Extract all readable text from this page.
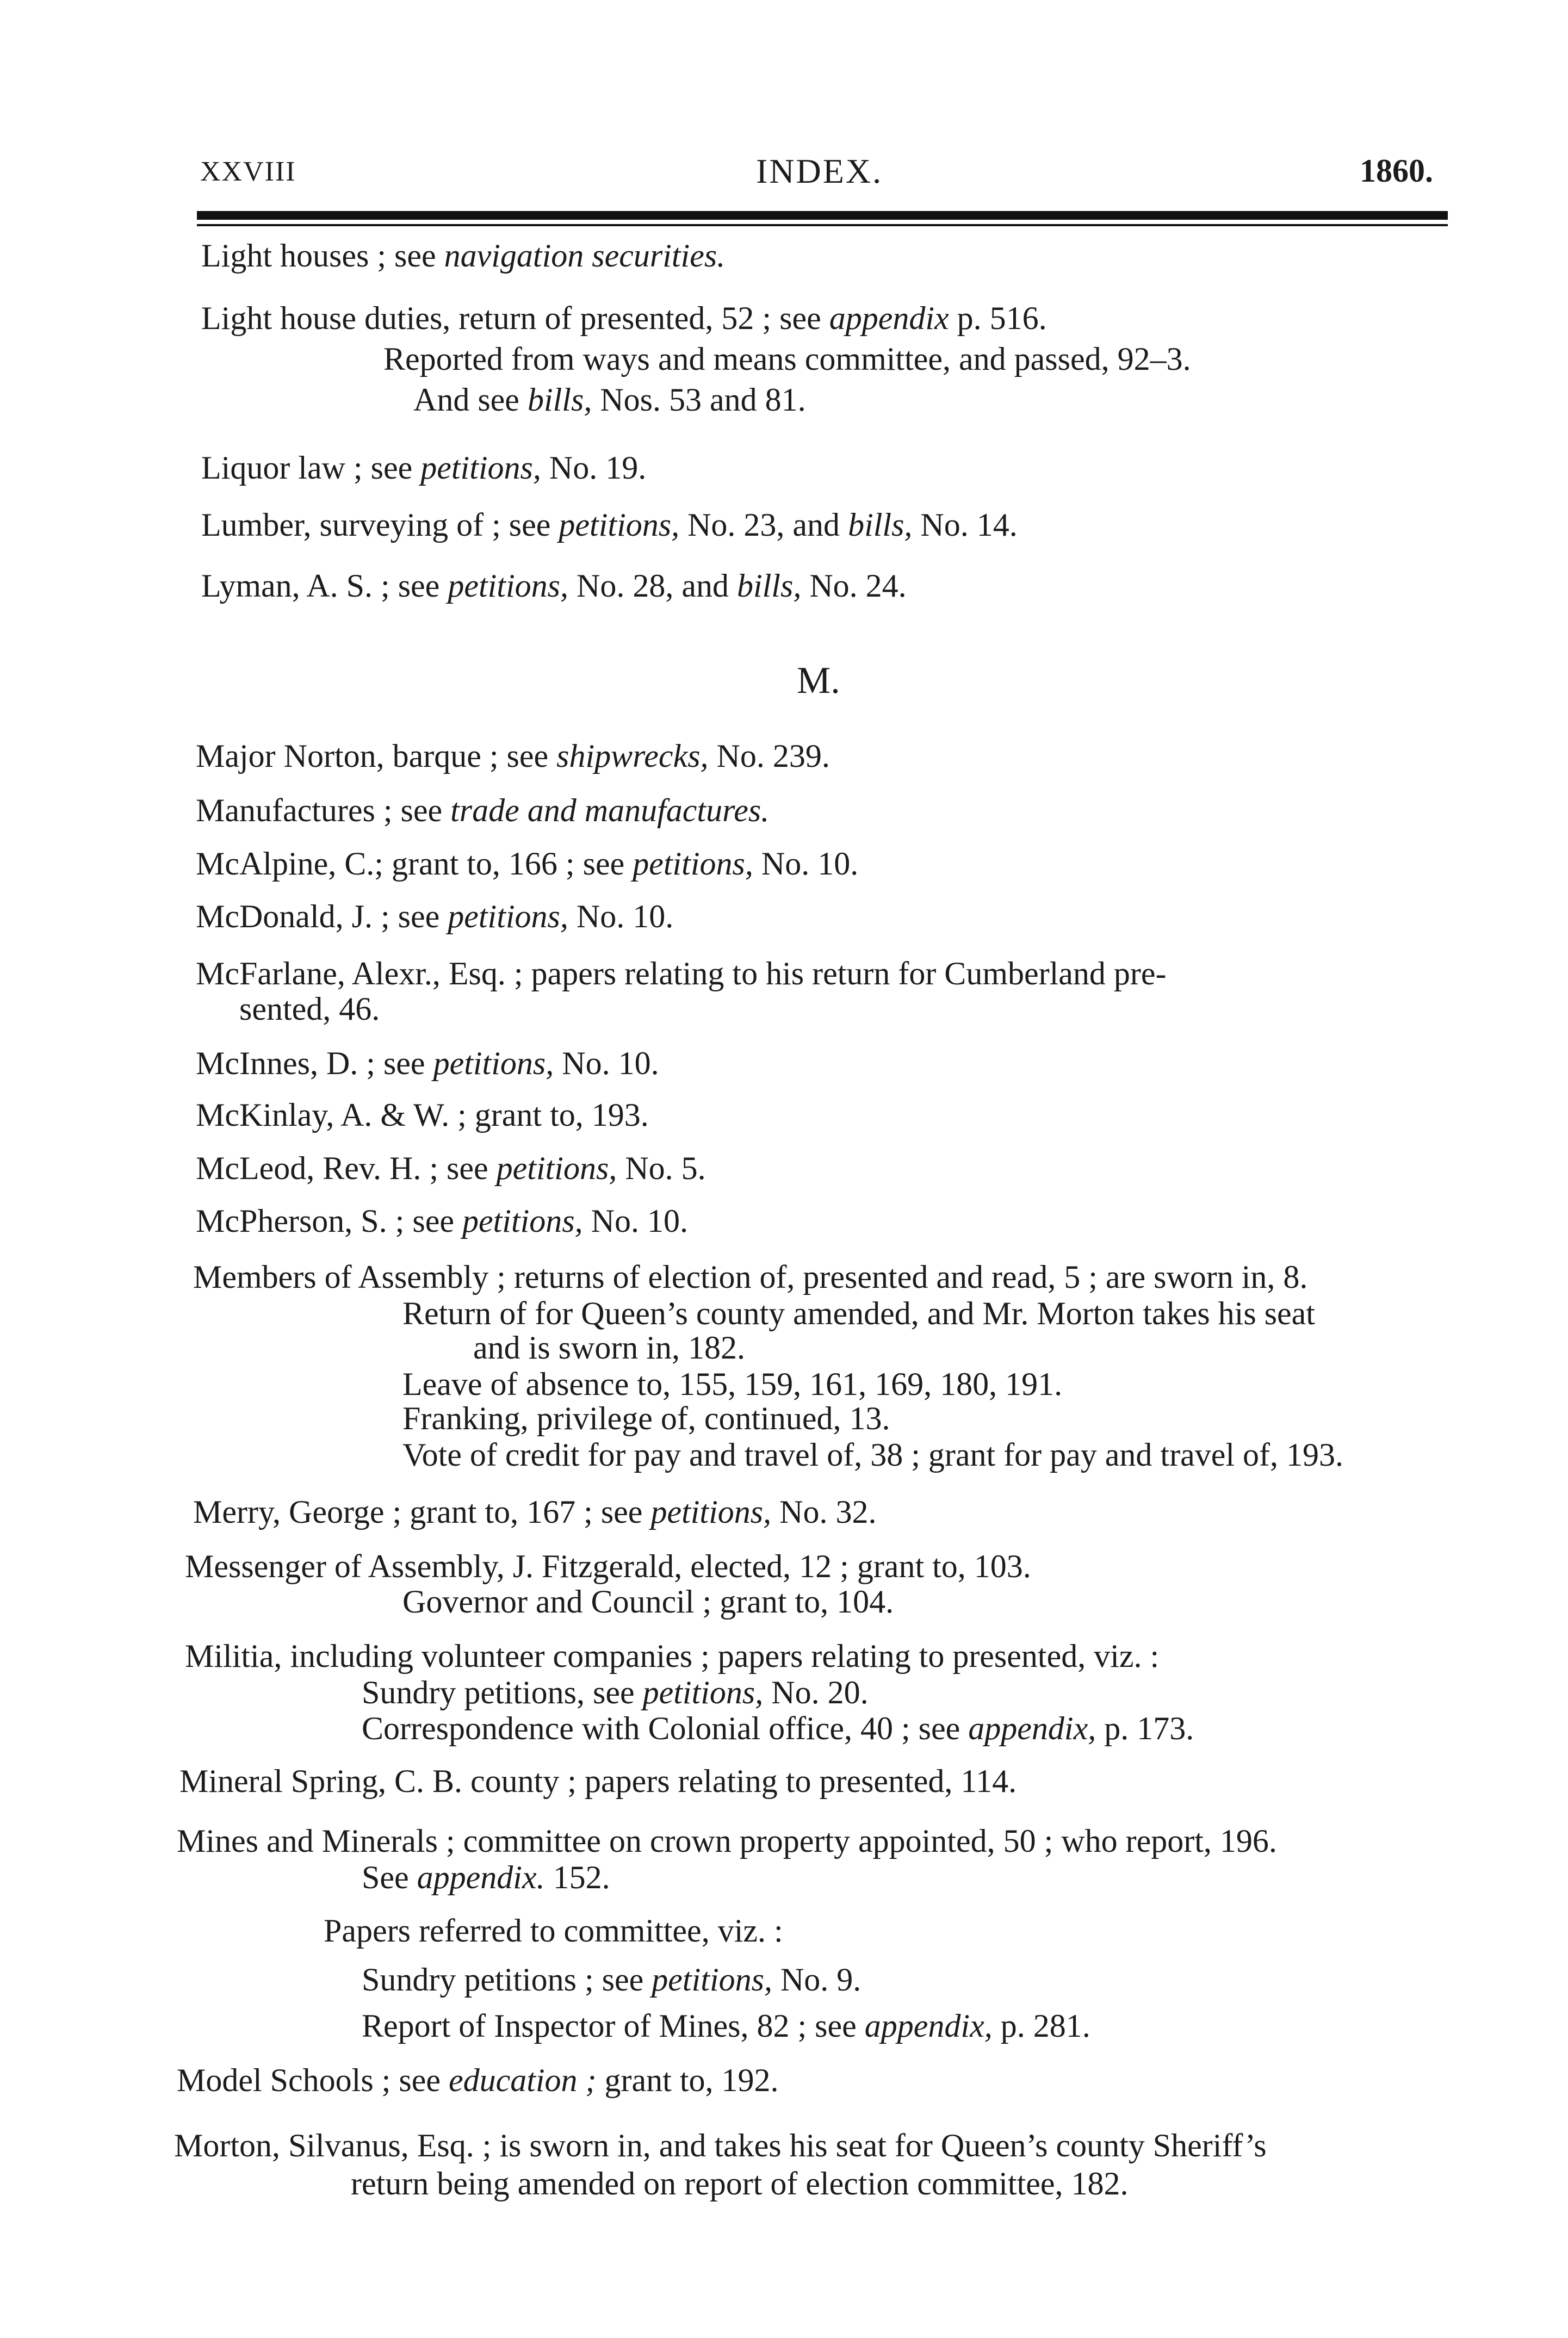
XXVIII	INDEX.	1860.
M.
Light houses ; see navigation securities.
Light house duties, return of presented, 52 ; see appendix p. 516.
Reported from ways and means committee, and passed, 92–3.
And see bills, Nos. 53 and 81.
Liquor law ; see petitions, No. 19.
Lumber, surveying of ; see petitions, No. 23, and bills, No. 14.
Lyman, A. S. ; see petitions, No. 28, and bills, No. 24.
Major Norton, barque ; see shipwrecks, No. 239.
Manufactures ; see trade and manufactures.
McAlpine, C.; grant to, 166 ; see petitions, No. 10.
McDonald, J. ; see petitions, No. 10.
McFarlane, Alexr., Esq. ; papers relating to his return for Cumberland pre-
sented, 46.
McInnes, D. ; see petitions, No. 10.
McKinlay, A. & W. ; grant to, 193.
McLeod, Rev. H. ; see petitions, No. 5.
McPherson, S. ; see petitions, No. 10.
Members of Assembly ; returns of election of, presented and read, 5 ; are sworn in, 8.
Return of for Queen’s county amended, and Mr. Morton takes his seat
and is sworn in, 182.
Leave of absence to, 155, 159, 161, 169, 180, 191.
Franking, privilege of, continued, 13.
Vote of credit for pay and travel of, 38 ; grant for pay and travel of, 193.
Merry, George ; grant to, 167 ; see petitions, No. 32.
Messenger of Assembly, J. Fitzgerald, elected, 12 ; grant to, 103.
Governor and Council ; grant to, 104.
Militia, including volunteer companies ; papers relating to presented, viz. :
Sundry petitions, see petitions, No. 20.
Correspondence with Colonial office, 40 ; see appendix, p. 173.
Mineral Spring, C. B. county ; papers relating to presented, 114.
Mines and Minerals ; committee on crown property appointed, 50 ; who report, 196.
See appendix. 152.
Papers referred to committee, viz. :
Sundry petitions ; see petitions, No. 9.
Report of Inspector of Mines, 82 ; see appendix, p. 281.
Model Schools ; see education ; grant to, 192.
Morton, Silvanus, Esq. ; is sworn in, and takes his seat for Queen’s county Sheriff’s
return being amended on report of election committee, 182.
